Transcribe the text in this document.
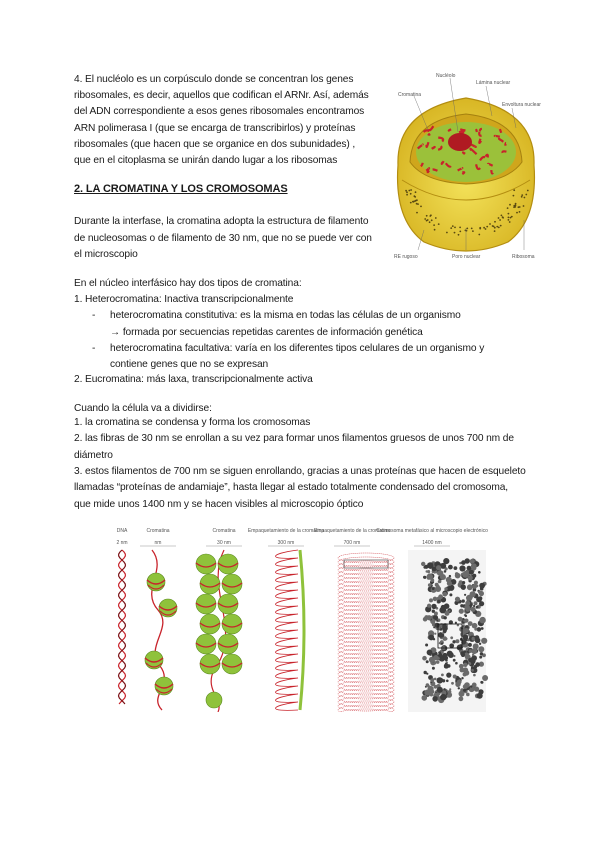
4. El nucléolo es un corpúsculo donde se concentran los genes
ribosomales, es decir, aquellos que codifican el ARNr. Así, además
del ADN correspondiente a esos genes ribosomales encontramos
ARN polimerasa I (que se encarga de transcribirlos) y proteínas
ribosomales (que hacen que se organice en dos subunidades) ,
que en el citoplasma se unirán dando lugar a los ribosomas
2. LA CROMATINA Y LOS CROMOSOMAS
Durante la interfase, la cromatina adopta la estructura de filamento
de nucleosomas o de filamento de 30 nm, que no se puede ver con
el microscopio
En el núcleo interfásico hay dos tipos de cromatina:
1. Heterocromatina: Inactiva transcripcionalmente
- heterocromatina constitutiva: es la misma en todas las células de un organismo
→ formada por secuencias repetidas carentes de información genética
- heterocromatina facultativa: varía en los diferentes tipos celulares de un organismo y
contiene genes que no se expresan
2. Eucromatina: más laxa, transcripcionalmente activa
Cuando la célula va a dividirse:
1. la cromatina se condensa y forma los cromosomas
2. las fibras de 30 nm se enrollan a su vez para formar unos filamentos gruesos de unos 700 nm de
diámetro
3. estos filamentos de 700 nm se siguen enrollando, gracias a unas proteínas que hacen de esqueleto
llamadas “proteínas de andamiaje”, hasta llegar al estado totalmente condensado del cromosoma,
que mide unos 1400 nm y se hacen visibles al microscopio óptico
Nucléolo
Cromatina
Lámina nuclear
Envoltura nuclear
RE rugoso	Poro nuclear	Ribosoma
DNA
2 nm
Cromatina
nm
Cromatina
30 nm
Empaquetamiento de la cromatina
300 nm
Empaquetamiento de la cromatina
700 nm
Cromosoma metafásico al microscopio electrónico
1400 nm
